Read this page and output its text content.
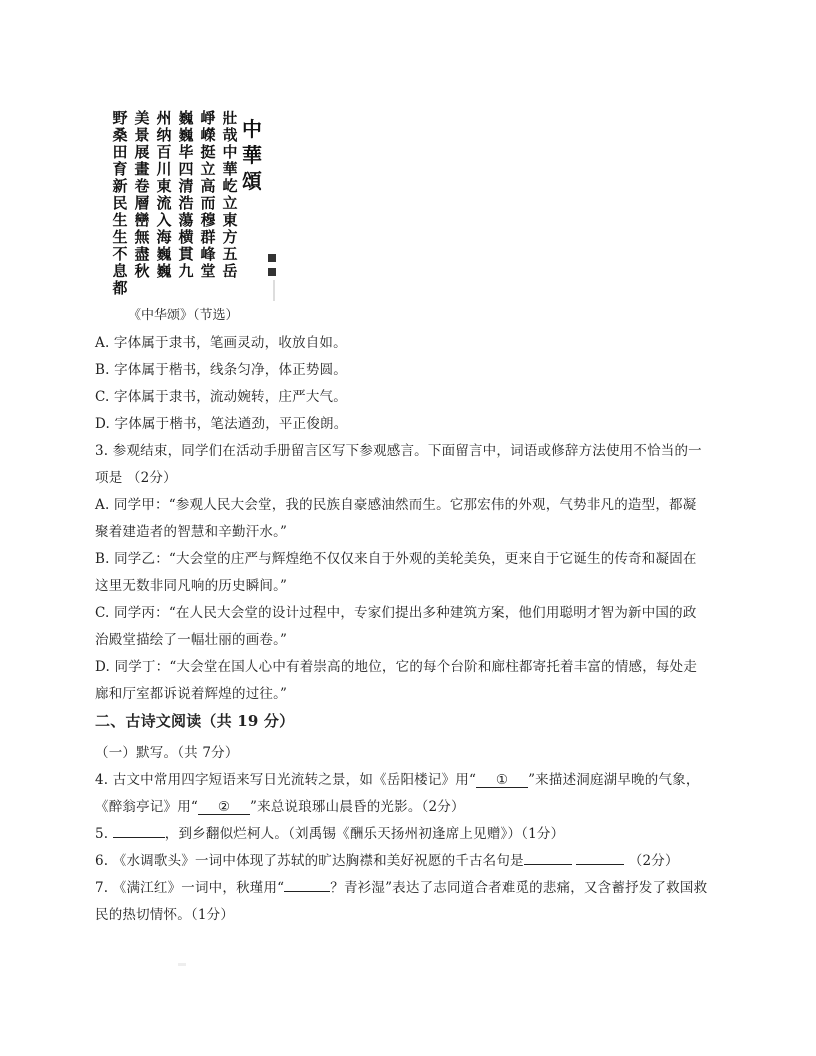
中
華
頌
壯
哉
中
華
屹
立
東
方
五
岳
崢
嶸
挺
立
高
而
穆
群
峰
堂
巍
巍
毕
四
清
浩
蕩
横
貫
九
州
纳
百
川
東
流
入
海
巍
巍
美
景
展
畫
卷
層
巒
無
盡
秋
野
桑
田
育
新
民
生
生
不
息
都
《中华颂》（节选）
A. 字体属于隶书，笔画灵动，收放自如。
B. 字体属于楷书，线条匀净，体正势圆。
C. 字体属于隶书，流动婉转，庄严大气。
D. 字体属于楷书，笔法遒劲，平正俊朗。
3. 参观结束，同学们在活动手册留言区写下参观感言。下面留言中，词语或修辞方法使用不恰当的一
项是 （2分）
A. 同学甲：“参观人民大会堂，我的民族自豪感油然而生。它那宏伟的外观，气势非凡的造型，都凝
聚着建造者的智慧和辛勤汗水。”
B. 同学乙：“大会堂的庄严与辉煌绝不仅仅来自于外观的美轮美奂，更来自于它诞生的传奇和凝固在
这里无数非同凡响的历史瞬间。”
C. 同学丙：“在人民大会堂的设计过程中，专家们提出多种建筑方案，他们用聪明才智为新中国的政
治殿堂描绘了一幅壮丽的画卷。”
D. 同学丁：“大会堂在国人心中有着崇高的地位，它的每个台阶和廊柱都寄托着丰富的情感，每处走
廊和厅室都诉说着辉煌的过往。”
二、古诗文阅读（共 19 分）
（一）默写。（共 7分）
4. 古文中常用四字短语来写日光流转之景，如《岳阳楼记》用“ ① ”来描述洞庭湖早晚的气象，
《醉翁亭记》用“ ② ”来总说琅琊山晨昏的光影。（2分）
5.	，到乡翻似烂柯人。（刘禹锡《酬乐天扬州初逢席上见赠》）（1分）
6. 《水调歌头》一词中体现了苏轼的旷达胸襟和美好祝愿的千古名句是	（2分）
7. 《满江红》一词中，秋瑾用“	？青衫湿”表达了志同道合者难觅的悲痛，又含蓄抒发了救国救
民的热切情怀。（1分）
